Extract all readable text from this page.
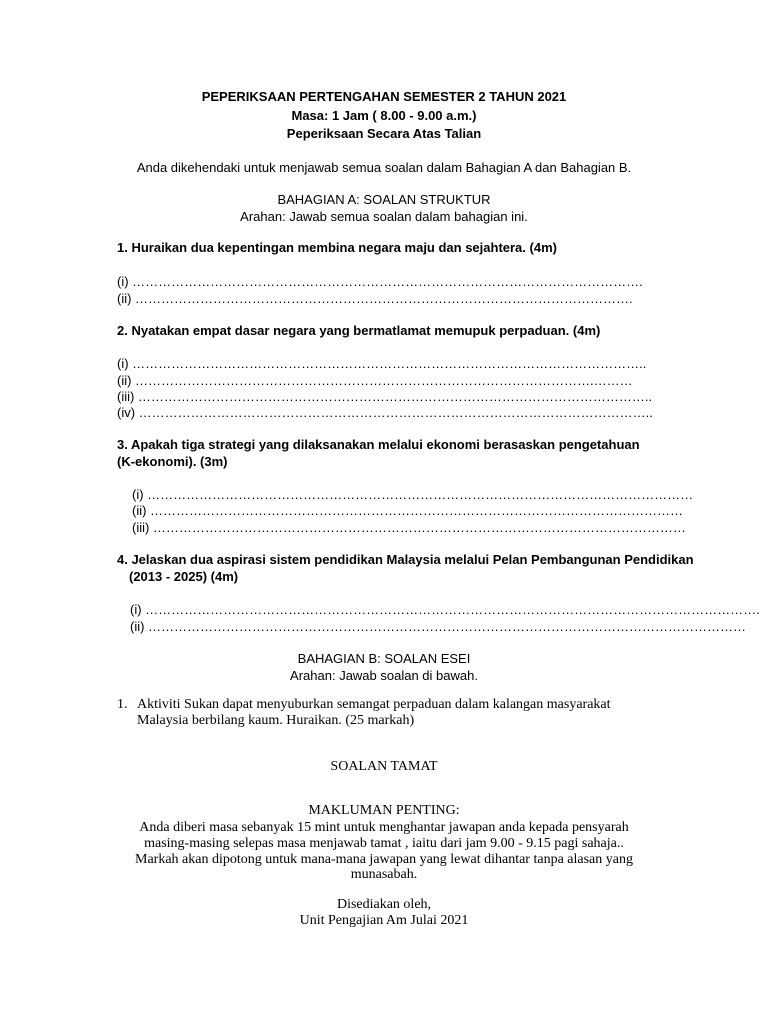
PEPERIKSAAN PERTENGAHAN SEMESTER 2 TAHUN 2021
Masa: 1 Jam ( 8.00 - 9.00 a.m.)
Peperiksaan Secara Atas Talian
Anda dikehendaki untuk menjawab semua soalan dalam Bahagian A dan Bahagian B.
BAHAGIAN A: SOALAN STRUKTUR
Arahan: Jawab semua soalan dalam bahagian ini.
1. Huraikan dua kepentingan membina negara maju dan sejahtera. (4m)
(i) ……………………………………………………………………………………………………….
(ii) …………………………………………………………………………………………………….
2. Nyatakan empat dasar negara yang bermatlamat memupuk perpaduan. (4m)
(i) ………………………………………………………………………………………………………..
(ii) …………………………………………………………………………………………….………
(iii) ………………………………………………………………………………………………………..
(iv) ………………………………………………………………………………………………………..
3. Apakah tiga strategi yang dilaksanakan melalui ekonomi berasaskan pengetahuan
(K-ekonomi). (3m)
(i) ………………………………………………………………………………………………………………
(ii) ……………………………………………………………………………………………………………
(iii) ……………………………………………………………………………………………………………
4. Jelaskan dua aspirasi sistem pendidikan Malaysia melalui Pelan Pembangunan Pendidikan
(2013 - 2025) (4m)
(i) …………………………………………………………………………………………………………………………….
(ii) …………………………………………………………………………………………………………………………
BAHAGIAN B: SOALAN ESEI
Arahan: Jawab soalan di bawah.
1. Aktiviti Sukan dapat menyuburkan semangat perpaduan dalam kalangan masyarakat
Malaysia berbilang kaum. Huraikan. (25 markah)
SOALAN TAMAT
MAKLUMAN PENTING:
Anda diberi masa sebanyak 15 mint untuk menghantar jawapan anda kepada pensyarah
masing-masing selepas masa menjawab tamat , iaitu dari jam 9.00 - 9.15 pagi sahaja..
Markah akan dipotong untuk mana-mana jawapan yang lewat dihantar tanpa alasan yang
munasabah.
Disediakan oleh,
Unit Pengajian Am Julai 2021
